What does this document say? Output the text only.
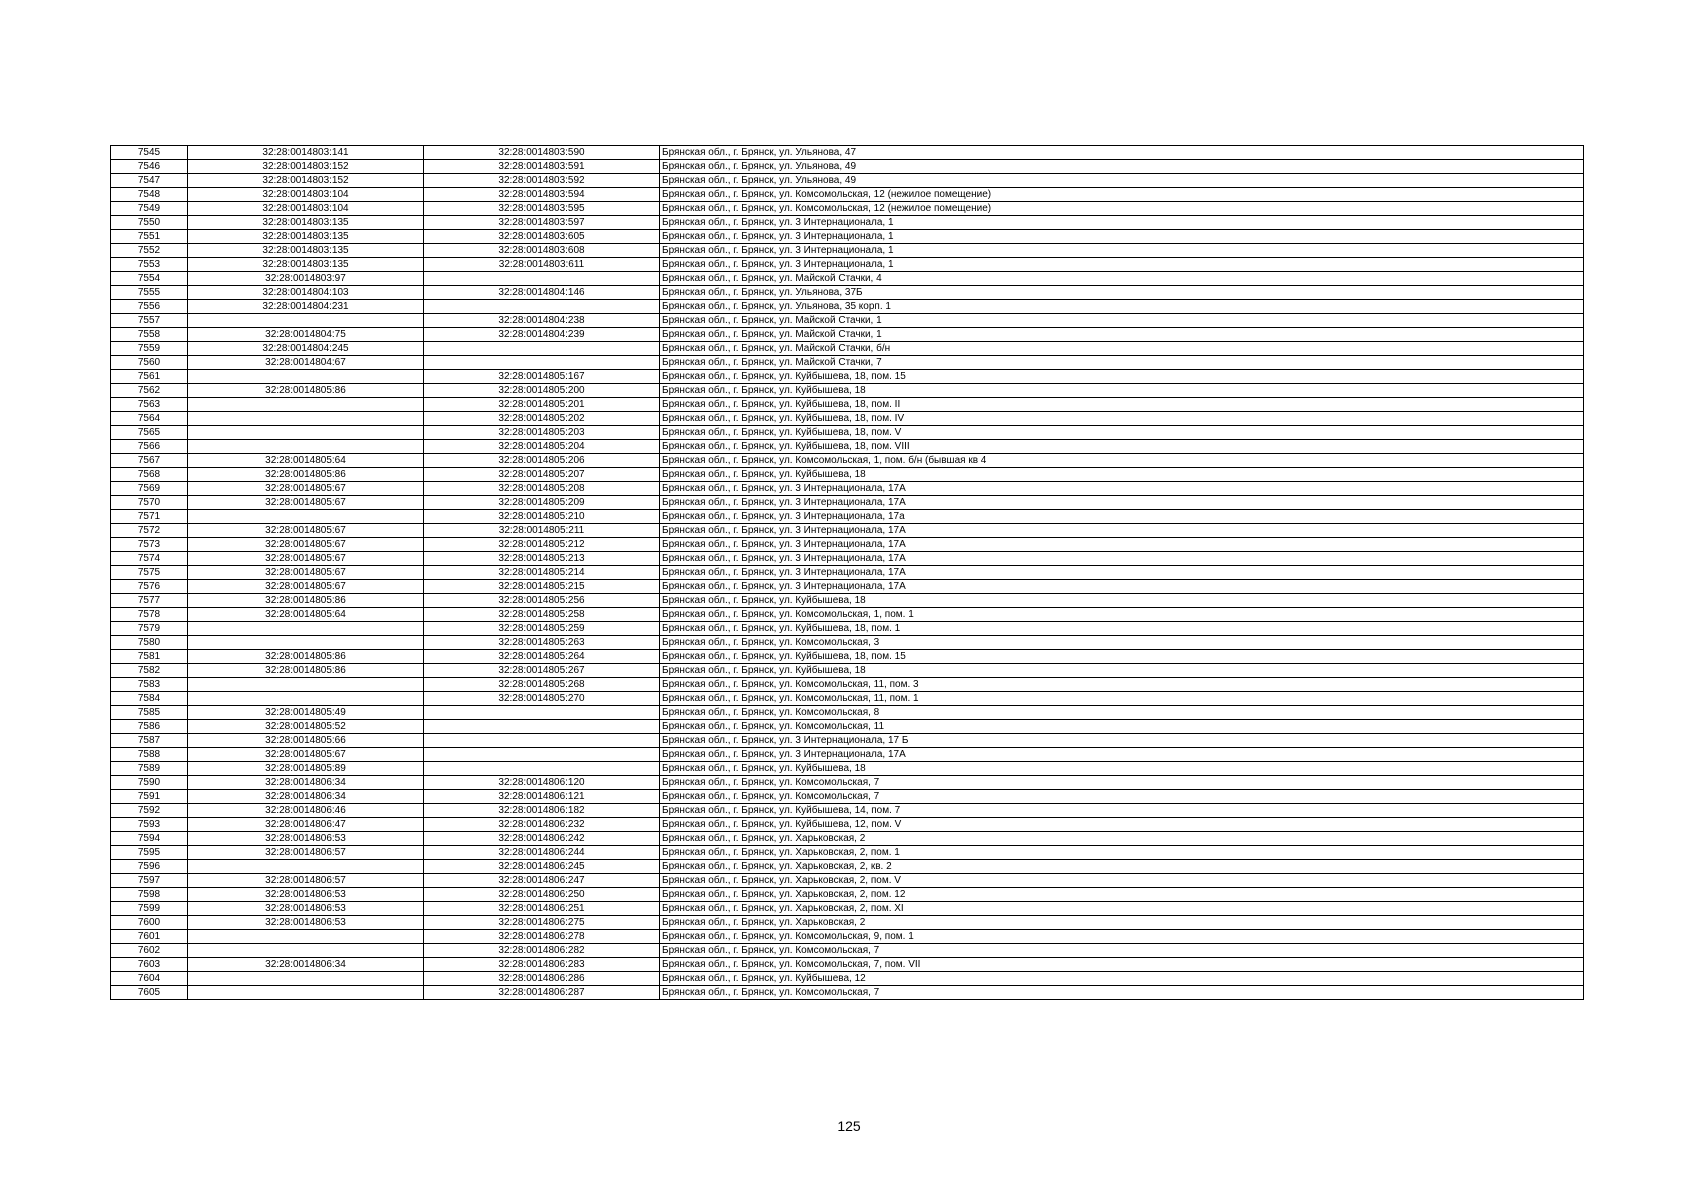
7545	32:28:0014803:141	32:28:0014803:590	Брянская обл., г. Брянск, ул. Ульянова, 47
7546	32:28:0014803:152	32:28:0014803:591	Брянская обл., г. Брянск, ул. Ульянова, 49
7547	32:28:0014803:152	32:28:0014803:592	Брянская обл., г. Брянск, ул. Ульянова, 49
7548	32:28:0014803:104	32:28:0014803:594	Брянская обл., г. Брянск, ул. Комсомольская, 12 (нежилое помещение)
7549	32:28:0014803:104	32:28:0014803:595	Брянская обл., г. Брянск, ул. Комсомольская, 12 (нежилое помещение)
7550	32:28:0014803:135	32:28:0014803:597	Брянская обл., г. Брянск, ул. 3 Интернационала, 1
7551	32:28:0014803:135	32:28:0014803:605	Брянская обл., г. Брянск, ул. 3 Интернационала, 1
7552	32:28:0014803:135	32:28:0014803:608	Брянская обл., г. Брянск, ул. 3 Интернационала, 1
7553	32:28:0014803:135	32:28:0014803:611	Брянская обл., г. Брянск, ул. 3 Интернационала, 1
7554	32:28:0014803:97		Брянская обл., г. Брянск, ул. Майской Стачки, 4
7555	32:28:0014804:103	32:28:0014804:146	Брянская обл., г. Брянск, ул. Ульянова, 37Б
7556	32:28:0014804:231		Брянская обл., г. Брянск, ул. Ульянова, 35 корп. 1
7557		32:28:0014804:238	Брянская обл., г. Брянск, ул. Майской Стачки, 1
7558	32:28:0014804:75	32:28:0014804:239	Брянская обл., г. Брянск, ул. Майской Стачки, 1
7559	32:28:0014804:245		Брянская обл., г. Брянск, ул. Майской Стачки, б/н
7560	32:28:0014804:67		Брянская обл., г. Брянск, ул. Майской Стачки, 7
7561		32:28:0014805:167	Брянская обл., г. Брянск, ул. Куйбышева, 18, пом. 15
7562	32:28:0014805:86	32:28:0014805:200	Брянская обл., г. Брянск, ул. Куйбышева, 18
7563		32:28:0014805:201	Брянская обл., г. Брянск, ул. Куйбышева, 18, пом. II
7564		32:28:0014805:202	Брянская обл., г. Брянск, ул. Куйбышева, 18, пом. IV
7565		32:28:0014805:203	Брянская обл., г. Брянск, ул. Куйбышева, 18, пом. V
7566		32:28:0014805:204	Брянская обл., г. Брянск, ул. Куйбышева, 18, пом. VIII
7567	32:28:0014805:64	32:28:0014805:206	Брянская обл., г. Брянск, ул. Комсомольская, 1, пом. б/н (бывшая кв 4
7568	32:28:0014805:86	32:28:0014805:207	Брянская обл., г. Брянск, ул. Куйбышева, 18
7569	32:28:0014805:67	32:28:0014805:208	Брянская обл., г. Брянск, ул. 3 Интернационала, 17А
7570	32:28:0014805:67	32:28:0014805:209	Брянская обл., г. Брянск, ул. 3 Интернационала, 17А
7571		32:28:0014805:210	Брянская обл., г. Брянск, ул. 3 Интернационала, 17а
7572	32:28:0014805:67	32:28:0014805:211	Брянская обл., г. Брянск, ул. 3 Интернационала, 17А
7573	32:28:0014805:67	32:28:0014805:212	Брянская обл., г. Брянск, ул. 3 Интернационала, 17А
7574	32:28:0014805:67	32:28:0014805:213	Брянская обл., г. Брянск, ул. 3 Интернационала, 17А
7575	32:28:0014805:67	32:28:0014805:214	Брянская обл., г. Брянск, ул. 3 Интернационала, 17А
7576	32:28:0014805:67	32:28:0014805:215	Брянская обл., г. Брянск, ул. 3 Интернационала, 17А
7577	32:28:0014805:86	32:28:0014805:256	Брянская обл., г. Брянск, ул. Куйбышева, 18
7578	32:28:0014805:64	32:28:0014805:258	Брянская обл., г. Брянск, ул. Комсомольская, 1, пом. 1
7579		32:28:0014805:259	Брянская обл., г. Брянск, ул. Куйбышева, 18, пом. 1
7580		32:28:0014805:263	Брянская обл., г. Брянск, ул. Комсомольская, 3
7581	32:28:0014805:86	32:28:0014805:264	Брянская обл., г. Брянск, ул. Куйбышева, 18, пом. 15
7582	32:28:0014805:86	32:28:0014805:267	Брянская обл., г. Брянск, ул. Куйбышева, 18
7583		32:28:0014805:268	Брянская обл., г. Брянск, ул. Комсомольская, 11, пом. 3
7584		32:28:0014805:270	Брянская обл., г. Брянск, ул. Комсомольская, 11, пом. 1
7585	32:28:0014805:49		Брянская обл., г. Брянск, ул. Комсомольская, 8
7586	32:28:0014805:52		Брянская обл., г. Брянск, ул. Комсомольская, 11
7587	32:28:0014805:66		Брянская обл., г. Брянск, ул. 3 Интернационала, 17 Б
7588	32:28:0014805:67		Брянская обл., г. Брянск, ул. 3 Интернационала, 17А
7589	32:28:0014805:89		Брянская обл., г. Брянск, ул. Куйбышева, 18
7590	32:28:0014806:34	32:28:0014806:120	Брянская обл., г. Брянск, ул. Комсомольская, 7
7591	32:28:0014806:34	32:28:0014806:121	Брянская обл., г. Брянск, ул. Комсомольская, 7
7592	32:28:0014806:46	32:28:0014806:182	Брянская обл., г. Брянск, ул. Куйбышева, 14, пом. 7
7593	32:28:0014806:47	32:28:0014806:232	Брянская обл., г. Брянск, ул. Куйбышева, 12, пом. V
7594	32:28:0014806:53	32:28:0014806:242	Брянская обл., г. Брянск, ул. Харьковская, 2
7595	32:28:0014806:57	32:28:0014806:244	Брянская обл., г. Брянск, ул. Харьковская, 2, пом. 1
7596		32:28:0014806:245	Брянская обл., г. Брянск, ул. Харьковская, 2, кв. 2
7597	32:28:0014806:57	32:28:0014806:247	Брянская обл., г. Брянск, ул. Харьковская, 2, пом. V
7598	32:28:0014806:53	32:28:0014806:250	Брянская обл., г. Брянск, ул. Харьковская, 2, пом. 12
7599	32:28:0014806:53	32:28:0014806:251	Брянская обл., г. Брянск, ул. Харьковская, 2, пом. XI
7600	32:28:0014806:53	32:28:0014806:275	Брянская обл., г. Брянск, ул. Харьковская, 2
7601		32:28:0014806:278	Брянская обл., г. Брянск, ул. Комсомольская, 9, пом. 1
7602		32:28:0014806:282	Брянская обл., г. Брянск, ул. Комсомольская, 7
7603	32:28:0014806:34	32:28:0014806:283	Брянская обл., г. Брянск, ул. Комсомольская, 7, пом. VII
7604		32:28:0014806:286	Брянская обл., г. Брянск, ул. Куйбышева, 12
7605		32:28:0014806:287	Брянская обл., г. Брянск, ул. Комсомольская, 7
125
